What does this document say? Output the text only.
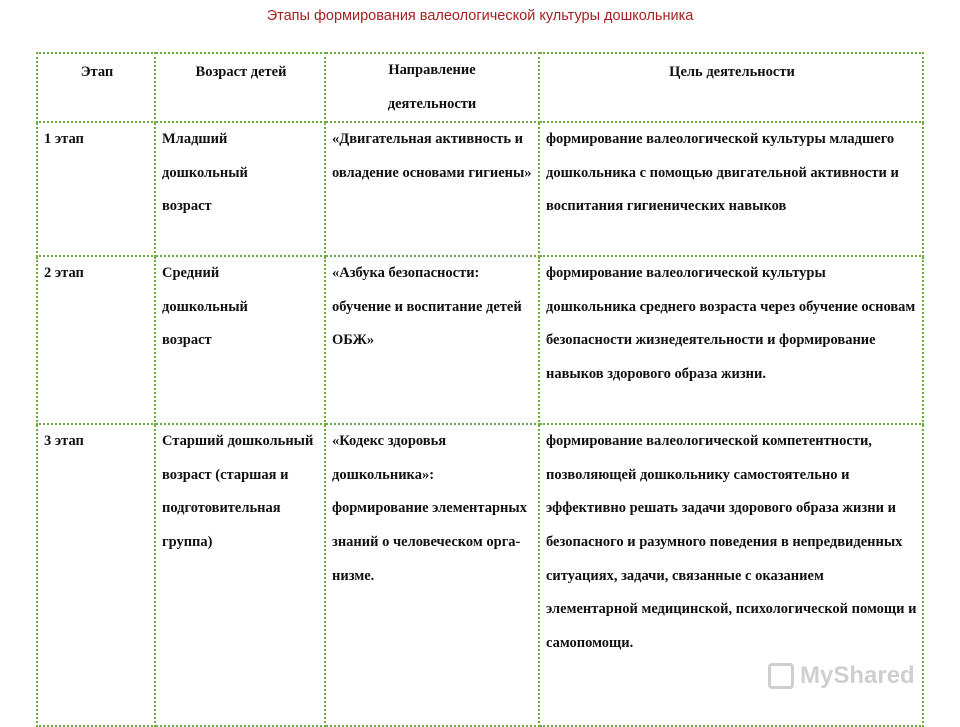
Этапы формирования валеологической культуры дошкольника
Этап	Возраст детей	Направление деятельности	Цель деятельности
1 этап	Младший дошкольный возраст	«Двигательная активность и овладение основами гигиены»	формирование валеологической культуры младшего дошкольника с помощью двигательной активности и воспитания гигиенических навыков
2 этап	Средний дошкольный возраст	«Азбука безопасности: обучение и воспитание детей ОБЖ»	формирование валеологической культуры дошкольника среднего возраста через обучение основам безопасности жизнедеятельности и формирование навыков здорового образа жизни.
3 этап	Старший дошкольный возраст (старшая и подготовительная группа)	«Кодекс здоровья дошкольника»: формирование элементарных знаний о человеческом орга-низме.	формирование валеологической компетентности, позволяющей дошкольнику самостоятельно и эффективно решать задачи здорового образа жизни и безопасного и разумного поведения в непредвиденных ситуациях, задачи, связанные с оказанием элементарной медицинской, психологической помощи и самопомощи.
MyShared
